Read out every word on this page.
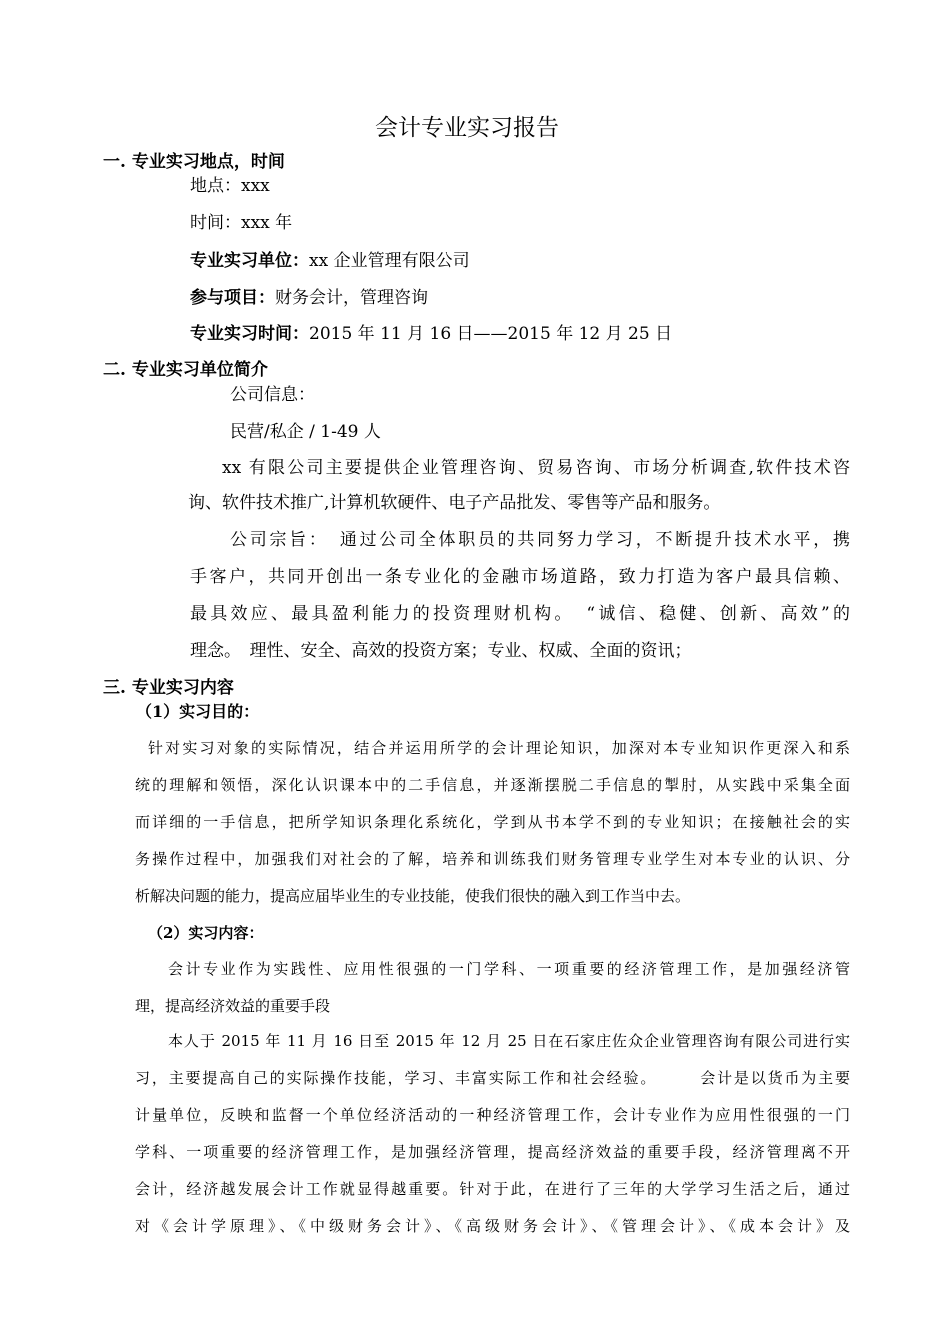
会计专业实习报告
一. 专业实习地点，时间
地点：xxx
时间：xxx 年
专业实习单位：xx 企业管理有限公司
参与项目：财务会计，管理咨询
专业实习时间：2015 年 11 月 16 日——2015 年 12 月 25 日
二. 专业实习单位简介
公司信息：
民营/私企 / 1-49 人
xx 有限公司主要提供企业管理咨询、贸易咨询、市场分析调查,软件技术咨
询、软件技术推广,计算机软硬件、电子产品批发、零售等产品和服务。
公司宗旨：　通过公司全体职员的共同努力学习，不断提升技术水平，携
手客户，共同开创出一条专业化的金融市场道路，致力打造为客户最具信赖、
最具效应、最具盈利能力的投资理财机构。　“诚信、稳健、创新、高效”的
理念。　理性、安全、高效的投资方案；专业、权威、全面的资讯；
三. 专业实习内容
（1）实习目的：
针对实习对象的实际情况，结合并运用所学的会计理论知识，加深对本专业知识作更深入和系
统的理解和领悟，深化认识课本中的二手信息，并逐渐摆脱二手信息的掣肘，从实践中采集全面
而详细的一手信息，把所学知识条理化系统化，学到从书本学不到的专业知识；在接触社会的实
务操作过程中，加强我们对社会的了解，培养和训练我们财务管理专业学生对本专业的认识、分
析解决问题的能力，提高应届毕业生的专业技能，使我们很快的融入到工作当中去。
（2）实习内容：
会计专业作为实践性、应用性很强的一门学科、一项重要的经济管理工作，是加强经济管
理，提高经济效益的重要手段
本人于 2015 年 11 月 16 日至 2015 年 12 月 25 日在石家庄佐众企业管理咨询有限公司进行实
习，主要提高自己的实际操作技能，学习、丰富实际工作和社会经验。　　　会计是以货币为主要
计量单位，反映和监督一个单位经济活动的一种经济管理工作，会计专业作为应用性很强的一门
学科、一项重要的经济管理工作，是加强经济管理，提高经济效益的重要手段，经济管理离不开
会计，经济越发展会计工作就显得越重要。针对于此，在进行了三年的大学学习生活之后，通过
对《会计学原理》、《中级财务会计》、《高级财务会计》、《管理会计》、《成本会计》及
